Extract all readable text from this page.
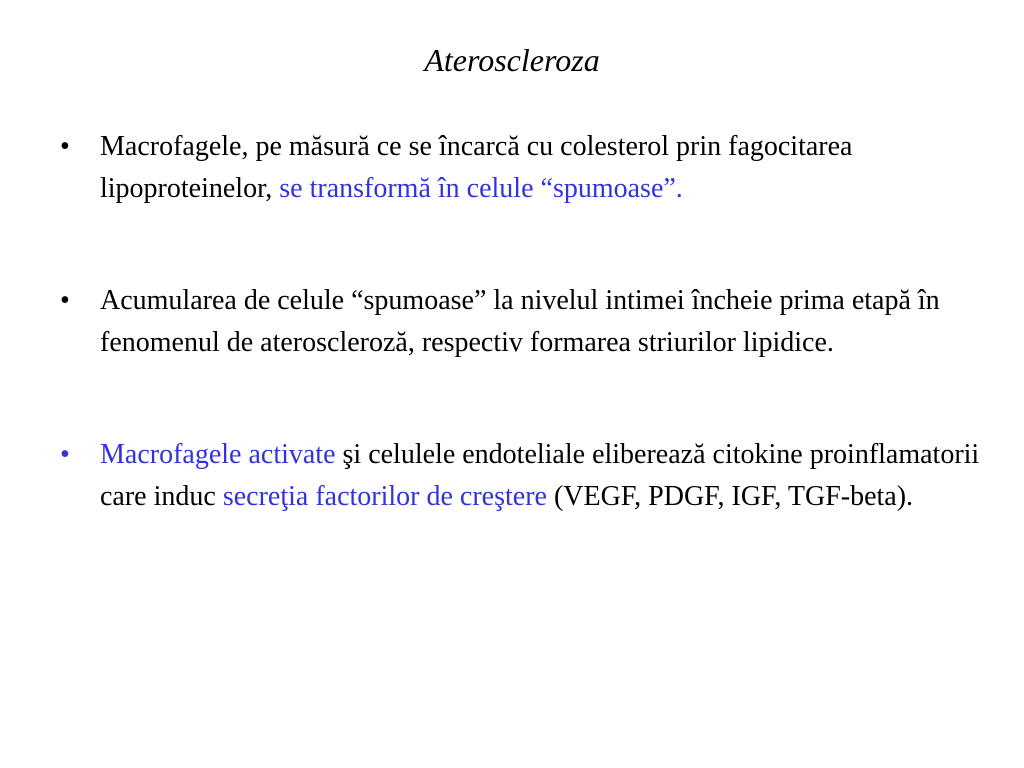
Ateroscleroza
•	Macrofagele, pe măsură ce se încarcă cu colesterol prin fagocitarea lipoproteinelor, se transformă în celule “spumoase”.
•	Acumularea de celule “spumoase” la nivelul intimei încheie prima etapă în fenomenul de ateroscleroză, respectiv formarea striurilor lipidice.
•	Macrofagele activate şi celulele endoteliale eliberează citokine proinflamatorii care induc secreţia factorilor de creştere (VEGF, PDGF, IGF, TGF-beta).
